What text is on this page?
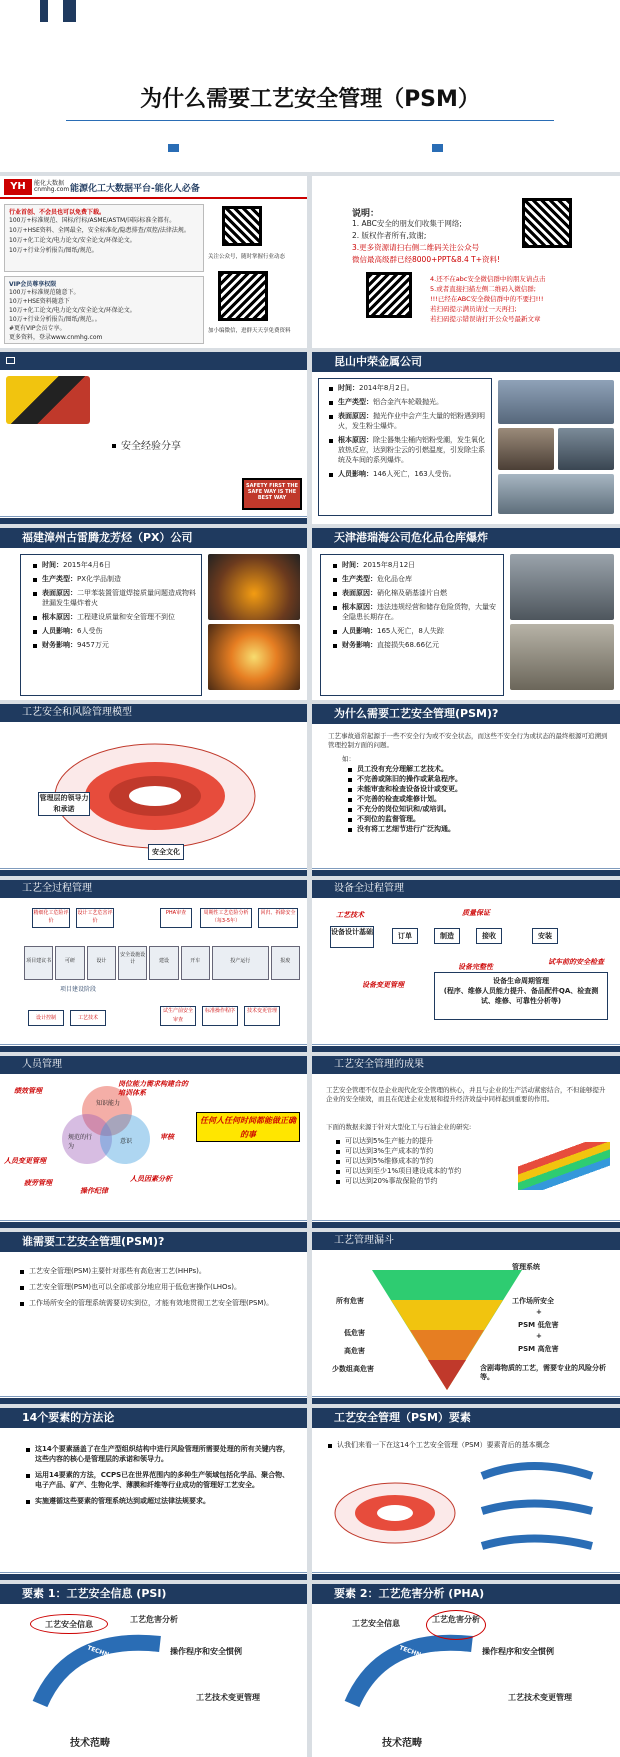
为什么需要工艺安全管理（PSM）
YH	能化大数据
cnmhg.com 能源化工大数据平台-能化人必备
行业首创、不会员也可以免费下载。
100万+标准规范、国标/行标/ASME/ASTM/国际标准全都有。
10万+HSE资料、全网最全，安全标准化/隐患排查/双控/法律法规。
10万+化工论文/电力论文/安全论文/环保论文。
10万+行业分析报告/图纸/规范。
VIP会员尊享权限
100万+标准规范随意下。
10万+HSE资料随意下
10万+化工论文/电力论文/安全论文/环保论文。
10万+行业分析报告/图纸/规范。。
#更有VIP会员专享。
更多资料，登录www.cnmhg.com
关注公众号，随时掌握行业动态
加小编微信，进群天天享免费资料
说明：
1. ABC安全的朋友们收集于网络;
2. 版权作者所有,致谢;
3.更多资源请扫右侧二维码关注公众号
微信最高级群已经8000+PPT&8.4 T+资料!
4.还不在abc安全微信群中的朋友请点击
5.或者直接扫描左侧二维码入微信群;
!!!已经在ABC安全微信群中的不要扫!!!
若扫码提示满员请过一天再扫;
若扫码提示错误请打开公众号最新文章
安全经验分享
SAFETY FIRST THE SAFE WAY IS THE BEST WAY
昆山中荣金属公司
时间：2014年8月2日。
生产类型：铝合金汽车轮毂抛光。
表面原因：抛光作业中会产生大量的铝粉遇到明火，发生粉尘爆炸。
根本原因：除尘器集尘桶内铝粉受潮，发生氧化放热反应，达到粉尘云的引燃温度，引发除尘系统及车间的系列爆炸。
人员影响：146人死亡，163人受伤。
福建漳州古雷腾龙芳烃（PX）公司
时间：2015年4月6日
生产类型：PX化学品制造
表面原因：二甲苯装置管道焊接质量问题造成物料泄漏发生爆炸着火
根本原因：工程建设质量和安全管理不到位
人员影响：6人受伤
财务影响：9457万元
天津港瑞海公司危化品仓库爆炸
时间：2015年8月12日
生产类型：危化品仓库
表面原因：硝化棉及硝基漆片自燃
根本原因：违法违规经营和储存危险货物，大量安全隐患长期存在。
人员影响：165人死亡，8人失踪
财务影响：直接损失68.66亿元
工艺安全和风险管理模型
管理层的领导力和承诺
安全文化
为什么需要工艺安全管理(PSM)?
工艺事故通常起源于一些不安全行为或不安全状态，而这些不安全行为或状态的最终根源可追溯到管理控制方面的问题。
如：
员工没有充分理解工艺技术。
不完善或陈旧的操作或紧急程序。
未能审查和检查设备设计或变更。
不完善的检查或维修计划。
不充分的岗位知识和/或培训。
不到位的监督管理。
没有将工艺细节进行广泛沟通。
工艺全过程管理
精细化工危险评价
设计工艺危害评价
PHA审查	周期性工艺危险分析（每3-5年）
回归、拆除安全
项目建议书	可研	设计
安全设施设计	建设	开车	投产运行	报废
项目建设阶段
设计控制	工艺技术
试生产前安全审查
标准操作程序	技术变更管理
设备全过程管理
工艺技术	质量保证
设备设计基础	订单	制造	接收	安装
设备变更管理
设备完整性
试车前的安全检查
设备生命周期管理
(程序、维修人员能力提升、备品配件QA、检查测试、维修、可靠性分析等)
人员管理
知识能力
规范的行为
意识
绩效管理
岗位能力需求构建合的培训体系
审核
人员变更管理
疲劳管理
操作纪律
人员因素分析
任何人任何时间都能做正确的事
工艺安全管理的成果
工艺安全管理不仅是企业现代化安全管理的核心，并且与企业的生产活动紧密结合，不但能够提升企业的安全绩效，而且在促进企业发展和提升经济效益中同样起到重要的作用。
下面的数据来源于针对大型化工与石油企业的研究:
可以达到5%生产能力的提升
可以达到3%生产成本的节约
可以达到5%维修成本的节约
可以达到至少1%项目建设成本的节约
可以达到20%事故保险的节约
谁需要工艺安全管理(PSM)?
工艺安全管理(PSM)主要针对那些有高危害工艺(HHPs)。
工艺安全管理(PSM)也可以全部或部分地应用于低危害操作(LHOs)。
工作场所安全的管理系统需要切实到位，才能有效地贯彻工艺安全管理(PSM)。
工艺管理漏斗
管理系统
所有危害
低危害
高危害
少数组高危害
工作场所安全
+
PSM 低危害
+
PSM 高危害
含剧毒物质的工艺，需要专业的风险分析等。
14个要素的方法论
这14个要素涵盖了在生产型组织结构中进行风险管理所需要处理的所有关键内容，这些内容的核心是管理层的承诺和领导力。
运用14要素的方法，CCPS已在世界范围内的多种生产领域包括化学品、聚合物、电子产品、矿产、生物化学、薄膜和纤维等行业成功的管理好工艺安全。
实施遵循这些要素的管理系统达到或超过法律法规要求。
工艺安全管理（PSM）要素
认我们来看一下在这14个工艺安全管理（PSM）要素背后的基本概念
要素 1：工艺安全信息 (PSI)
TECHNOLOGY
工艺安全信息	工艺危害分析
操作程序和安全惯例
工艺技术变更管理
技术范畴
要素 2：工艺危害分析 (PHA)
TECHNOLOGY
工艺安全信息	工艺危害分析
操作程序和安全惯例
工艺技术变更管理
技术范畴
